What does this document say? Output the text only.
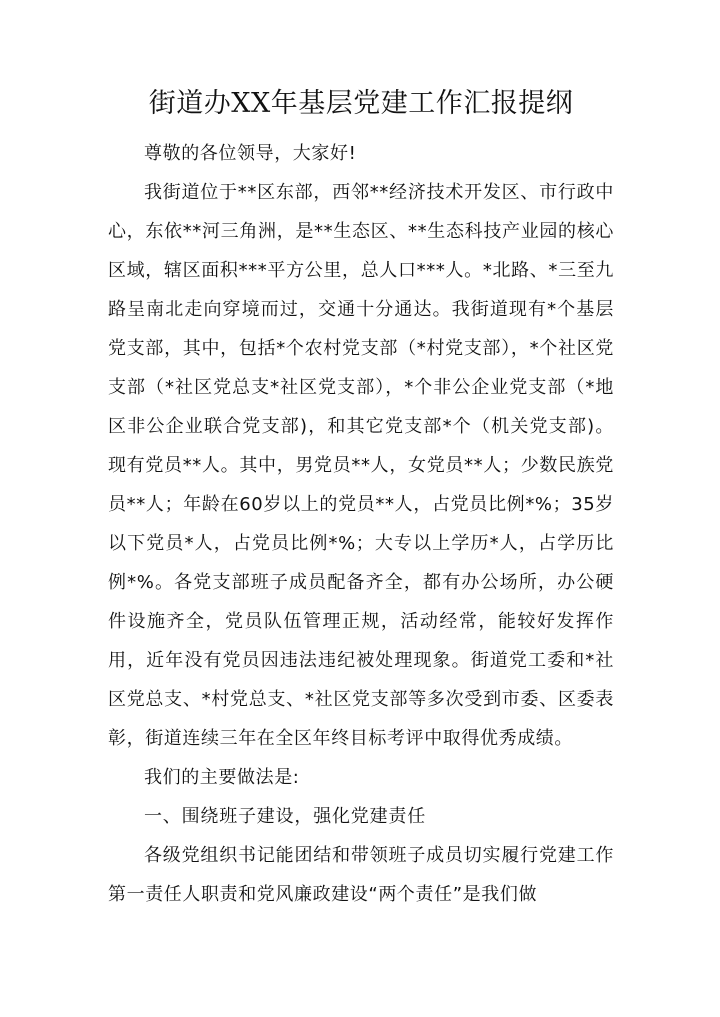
街道办XX年基层党建工作汇报提纲

尊敬的各位领导，大家好!

我街道位于**区东部，西邻**经济技术开发区、市行政中心，东依**河三角洲，是**生态区、**生态科技产业园的核心区域，辖区面积***平方公里，总人口***人。*北路、*三至九路呈南北走向穿境而过，交通十分通达。我街道现有*个基层党支部，其中，包括*个农村党支部（*村党支部），*个社区党支部（*社区党总支*社区党支部），*个非公企业党支部（*地区非公企业联合党支部)，和其它党支部*个（机关党支部)。现有党员**人。其中，男党员**人，女党员**人；少数民族党员**人；年龄在60岁以上的党员**人，占党员比例*%；35岁以下党员*人，占党员比例*%；大专以上学历*人，占学历比例*%。各党支部班子成员配备齐全，都有办公场所，办公硬件设施齐全，党员队伍管理正规，活动经常，能较好发挥作用，近年没有党员因违法违纪被处理现象。街道党工委和*社区党总支、*村党总支、*社区党支部等多次受到市委、区委表彰，街道连续三年在全区年终目标考评中取得优秀成绩。

我们的主要做法是:

一、围绕班子建设，强化党建责任

各级党组织书记能团结和带领班子成员切实履行党建工作第一责任人职责和党风廉政建设“两个责任”是我们做
